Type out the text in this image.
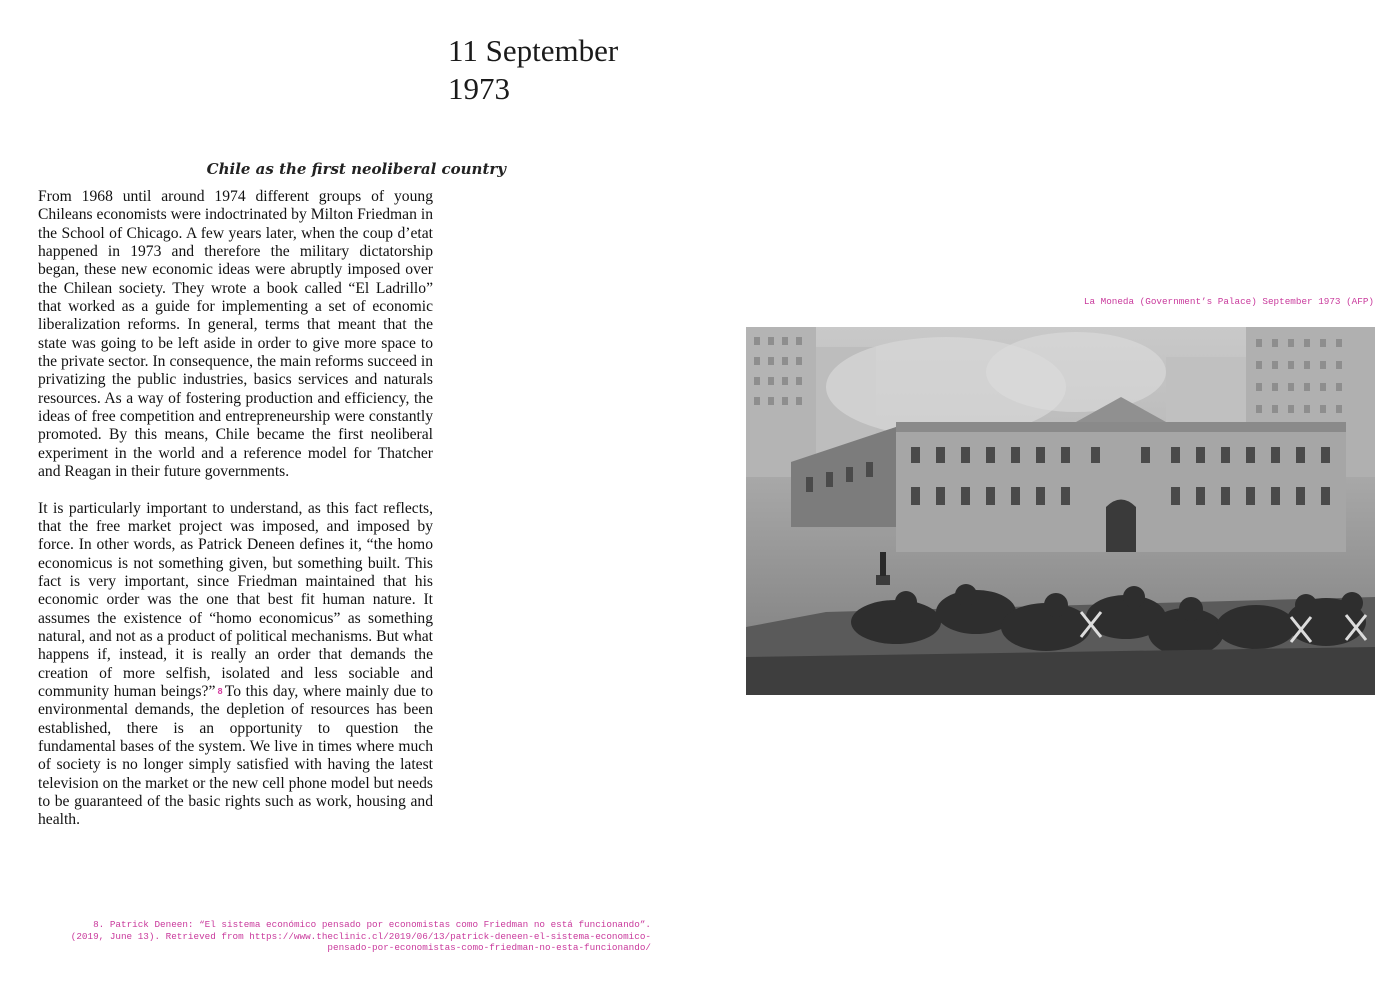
11 September
1973
Chile as the first neoliberal country

From 1968 until around 1974 different groups of young Chileans economists were indoctrinated by Milton Friedman in the School of Chicago. A few years later, when the coup d’etat happened in 1973 and therefore the military dictatorship began, these new economic ideas were abruptly imposed over the Chilean society. They wrote a book called “El Ladrillo” that worked as a guide for implementing a set of economic liberalization reforms. In general, terms that meant that the state was going to be left aside in order to give more space to the private sector. In consequence, the main reforms succeed in privatizing the public industries, basics services and naturals resources. As a way of fostering production and efficiency, the ideas of free competition and entrepreneurship were constantly promoted. By this means, Chile became the first neoliberal experiment in the world and a reference model for Thatcher and Reagan in their future governments.

It is particularly important to understand, as this fact reflects, that the free market project was imposed, and imposed by force. In other words, as Patrick Deneen defines it, “the homo economicus is not something given, but something built. This fact is very important, since Friedman maintained that his economic order was the one that best fit human nature. It assumes the existence of “homo economicus” as something natural, and not as a product of political mechanisms. But what happens if, instead, it is really an order that demands the creation of more selfish, isolated and less sociable and community human beings?” 8 To this day, where mainly due to environmental demands, the depletion of resources has been established, there is an opportunity to question the fundamental bases of the system. We live in times where much of society is no longer simply satisfied with having the latest television on the market or the new cell phone model but needs to be guaranteed of the basic rights such as work, housing and health.

8. Patrick Deneen: “El sistema económico pensado por economistas como Friedman no está funcionando”.
(2019, June 13). Retrieved from https://www.theclinic.cl/2019/06/13/patrick-deneen-el-sistema-economico-
pensado-por-economistas-como-friedman-no-esta-funcionando/
La Moneda (Government’s Palace) September 1973 (AFP)
